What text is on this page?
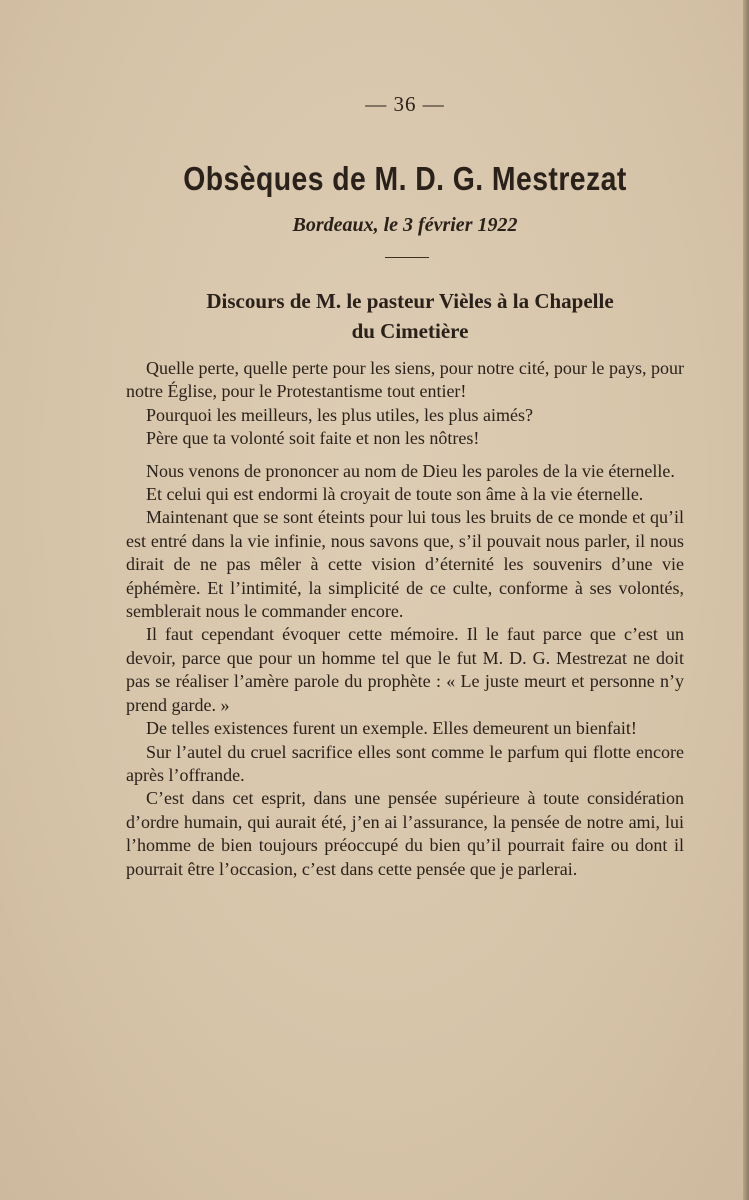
— 36 —
Obsèques de M. D. G. Mestrezat
Bordeaux, le 3 février 1922
Discours de M. le pasteur Vièles à la Chapelle
du Cimetière

Quelle perte, quelle perte pour les siens, pour notre cité, pour le pays, pour notre Église, pour le Protestantisme tout entier!

Pourquoi les meilleurs, les plus utiles, les plus aimés?

Père que ta volonté soit faite et non les nôtres!

Nous venons de prononcer au nom de Dieu les paroles de la vie éternelle.

Et celui qui est endormi là croyait de toute son âme à la vie éternelle.

Maintenant que se sont éteints pour lui tous les bruits de ce monde et qu’il est entré dans la vie infinie, nous savons que, s’il pouvait nous parler, il nous dirait de ne pas mêler à cette vision d’éternité les souvenirs d’une vie éphémère. Et l’intimité, la simplicité de ce culte, conforme à ses volontés, semblerait nous le commander encore.

Il faut cependant évoquer cette mémoire. Il le faut parce que c’est un devoir, parce que pour un homme tel que le fut M. D. G. Mestrezat ne doit pas se réaliser l’amère parole du prophète : « Le juste meurt et personne n’y prend garde. »

De telles existences furent un exemple. Elles demeurent un bienfait!

Sur l’autel du cruel sacrifice elles sont comme le parfum qui flotte encore après l’offrande.

C’est dans cet esprit, dans une pensée supérieure à toute considération d’ordre humain, qui aurait été, j’en ai l’assurance, la pensée de notre ami, lui l’homme de bien toujours préoccupé du bien qu’il pourrait faire ou dont il pourrait être l’occasion, c’est dans cette pensée que je parlerai.
